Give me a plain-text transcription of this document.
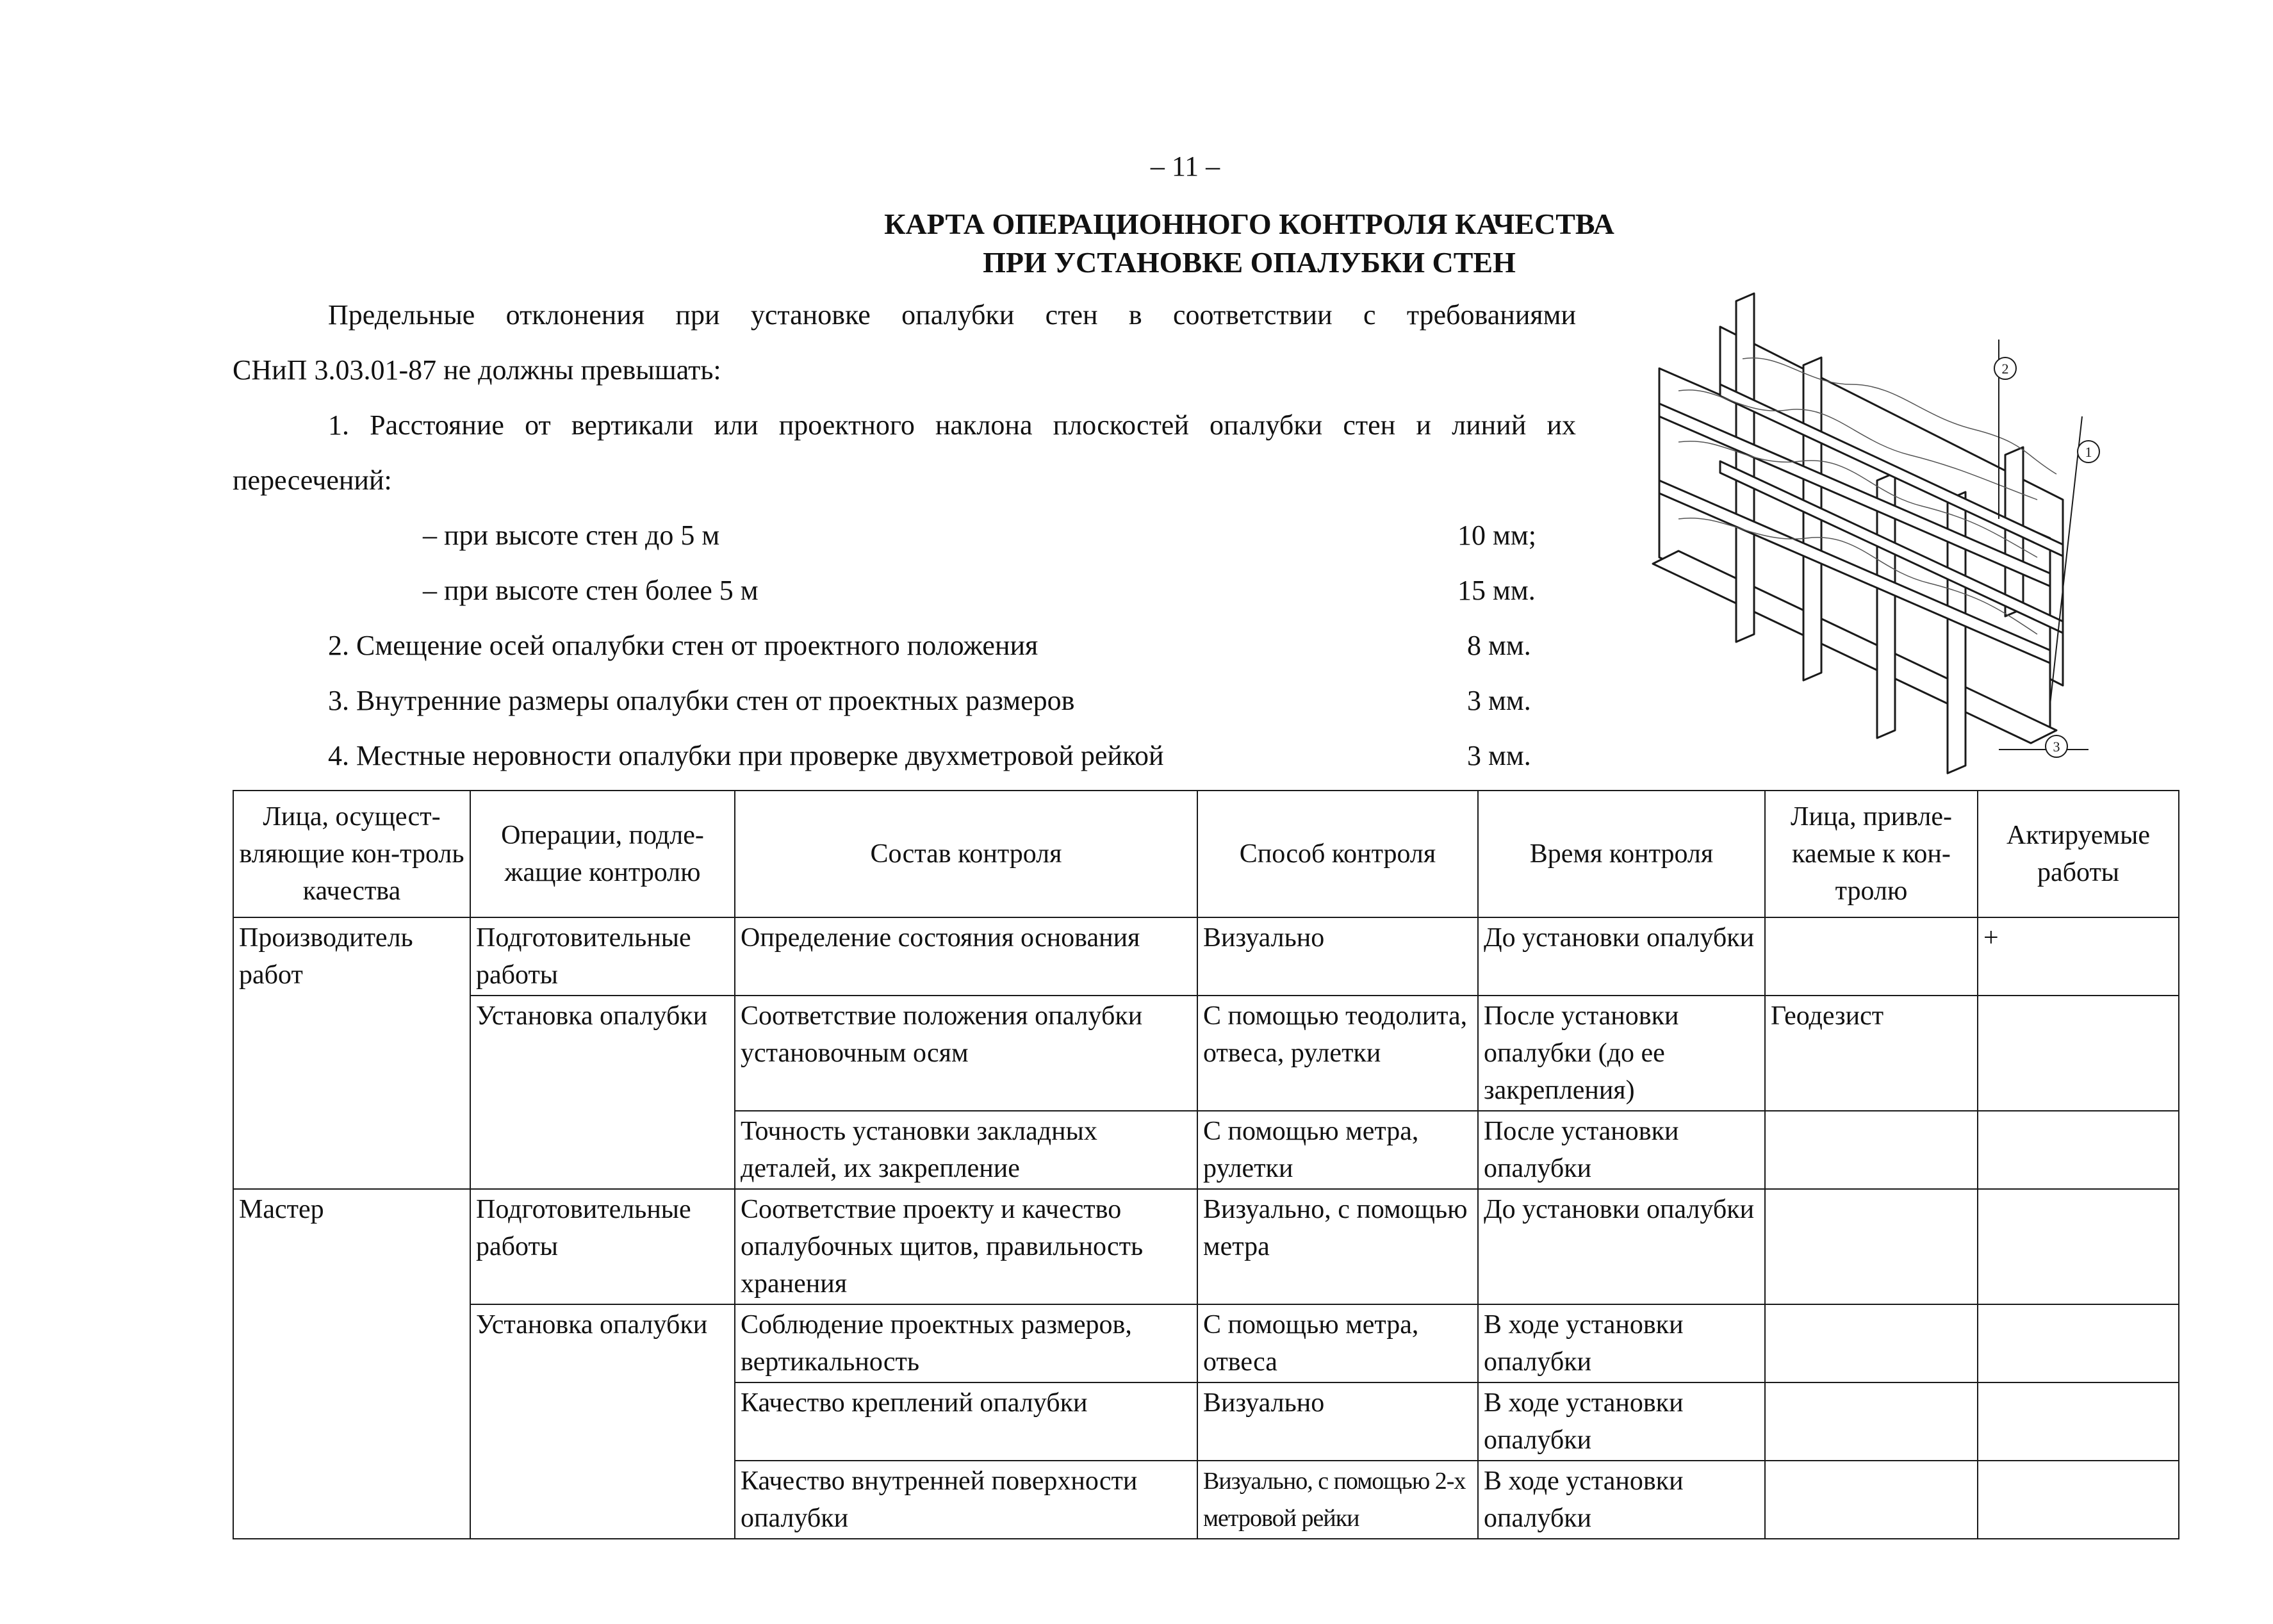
– 11 –
КАРТА ОПЕРАЦИОННОГО КОНТРОЛЯ КАЧЕСТВА
ПРИ УСТАНОВКЕ ОПАЛУБКИ СТЕН
Предельные отклонения при установке опалубки стен в соответствии с требованиями
СНиП 3.03.01-87 не должны превышать:
1. Расстояние от вертикали или проектного наклона плоскостей опалубки стен и линий их
пересечений:
– при высоте стен до 5 м	10 мм;
– при высоте стен более 5 м	15 мм.
2. Смещение осей опалубки стен от проектного положения	8 мм.
3. Внутренние размеры опалубки стен от проектных размеров	3 мм.
4. Местные неровности опалубки при проверке двухметровой рейкой	3 мм.
2
1
3
Лица, осущест-вляющие кон-троль качества	Операции, подле-жащие контролю	Состав контроля	Способ контроля	Время контроля	Лица, привле-каемые к кон-тролю	Актируемые работы
Производитель работ	Подготовительные работы	Определение состояния основания	Визуально	До установки опалубки		+
	Установка опалубки	Соответствие положения опалубки установочным осям	С помощью теодолита, отвеса, рулетки	После установки опалубки (до ее закрепления)	Геодезист	
		Точность установки закладных деталей, их закрепление	С помощью метра, рулетки	После установки опалубки		
Мастер	Подготовительные работы	Соответствие проекту и качество опалубочных щитов, правильность хранения	Визуально, с помощью метра	До установки опалубки		
	Установка опалубки	Соблюдение проектных размеров, вертикальность	С помощью метра, отвеса	В ходе установки опалубки		
		Качество креплений опалубки	Визуально	В ходе установки опалубки		
		Качество внутренней поверхности опалубки	Визуально, с помощью 2-х метровой рейки	В ходе установки опалубки		
